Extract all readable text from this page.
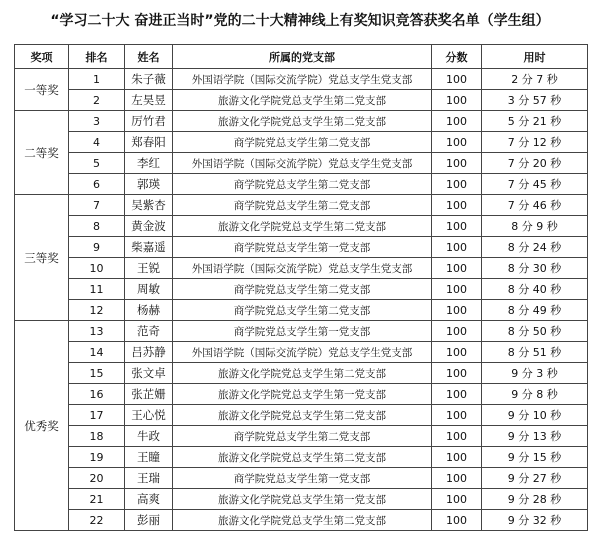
“学习二十大 奋进正当时”党的二十大精神线上有奖知识竞答获奖名单（学生组）
奖项	排名	姓名	所属的党支部	分数	用时
一等奖	1	朱子薇	外国语学院（国际交流学院）党总支学生党支部	100	2 分 7 秒
	2	左昊昱	旅游文化学院党总支学生第二党支部	100	3 分 57 秒
二等奖	3	厉竹君	旅游文化学院党总支学生第二党支部	100	5 分 21 秒
	4	郑春阳	商学院党总支学生第二党支部	100	7 分 12 秒
	5	李红	外国语学院（国际交流学院）党总支学生党支部	100	7 分 20 秒
	6	郭瑛	商学院党总支学生第二党支部	100	7 分 45 秒
三等奖	7	吴紫杏	商学院党总支学生第二党支部	100	7 分 46 秒
	8	黄金波	旅游文化学院党总支学生第二党支部	100	8 分 9 秒
	9	柴嘉遥	商学院党总支学生第一党支部	100	8 分 24 秒
	10	王锐	外国语学院（国际交流学院）党总支学生党支部	100	8 分 30 秒
	11	周敏	商学院党总支学生第二党支部	100	8 分 40 秒
	12	杨赫	商学院党总支学生第二党支部	100	8 分 49 秒
优秀奖	13	范奇	商学院党总支学生第一党支部	100	8 分 50 秒
	14	吕苏静	外国语学院（国际交流学院）党总支学生党支部	100	8 分 51 秒
	15	张文卓	旅游文化学院党总支学生第二党支部	100	9 分 3 秒
	16	张芷姗	旅游文化学院党总支学生第一党支部	100	9 分 8 秒
	17	王心悦	旅游文化学院党总支学生第二党支部	100	9 分 10 秒
	18	牛政	商学院党总支学生第二党支部	100	9 分 13 秒
	19	王瞳	旅游文化学院党总支学生第二党支部	100	9 分 15 秒
	20	王瑞	商学院党总支学生第一党支部	100	9 分 27 秒
	21	高爽	旅游文化学院党总支学生第一党支部	100	9 分 28 秒
	22	彭丽	旅游文化学院党总支学生第二党支部	100	9 分 32 秒
